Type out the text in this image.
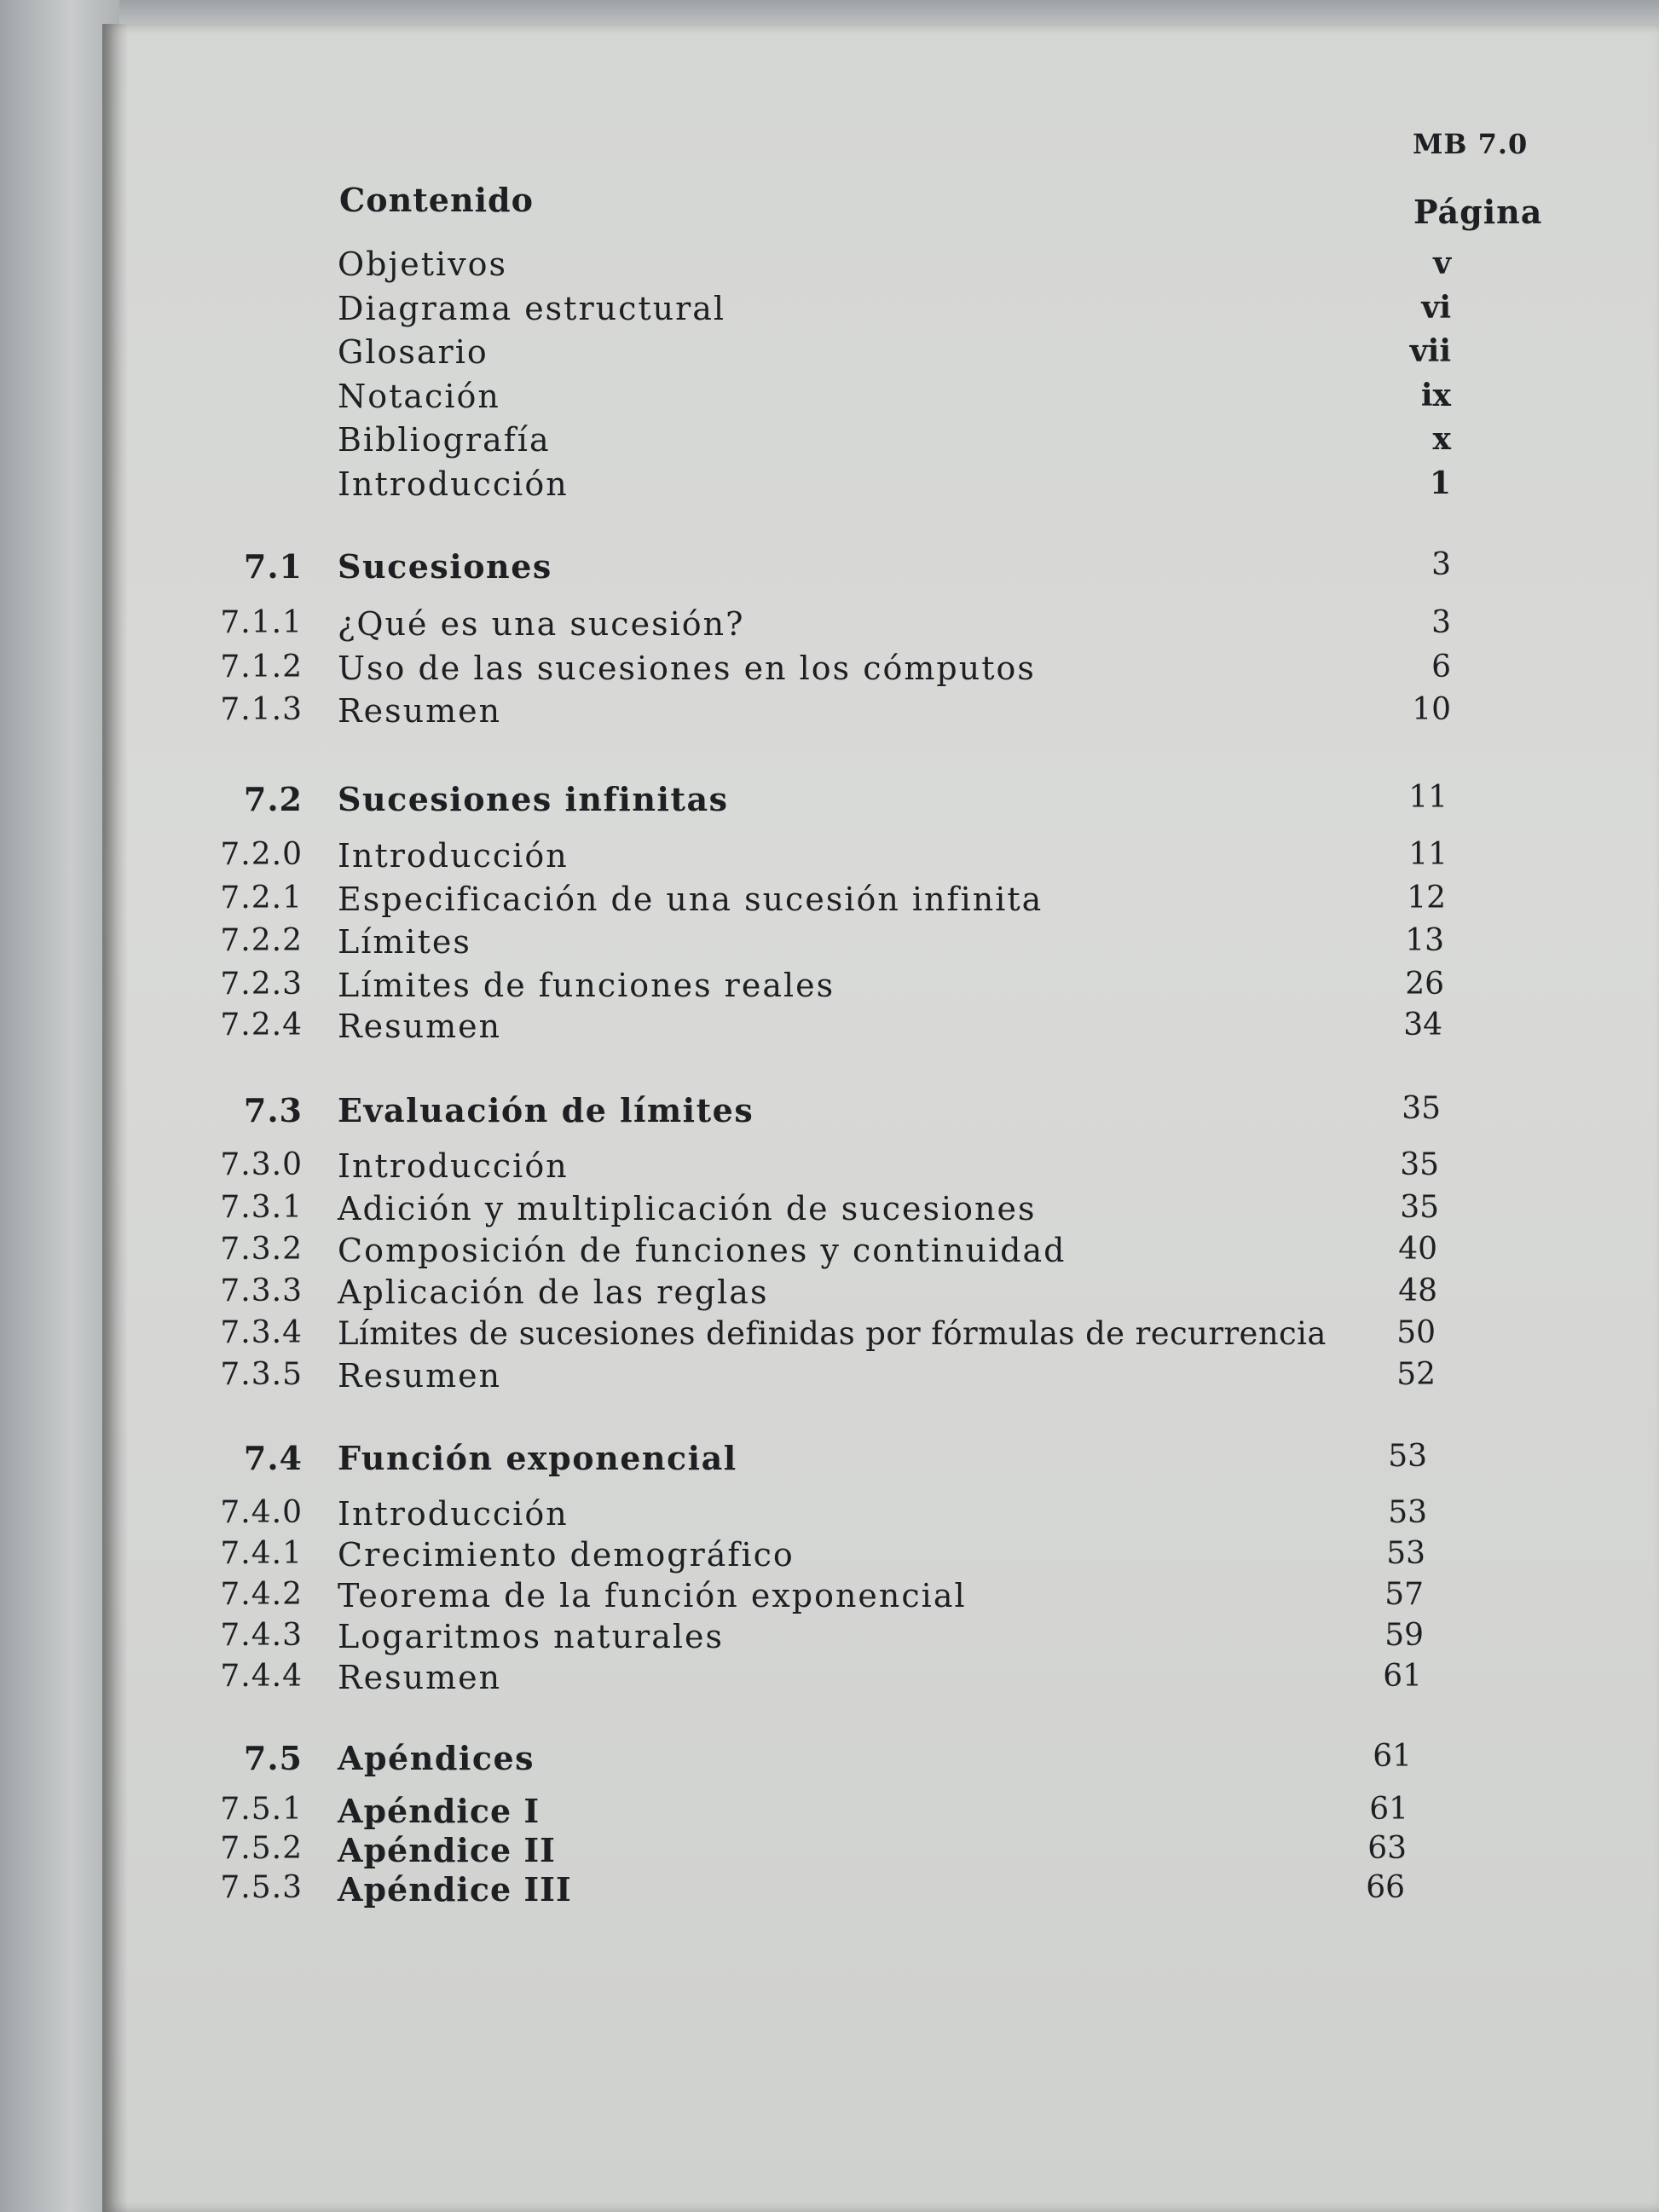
MB 7.0
Contenido	Página
Objetivos	v
Diagrama estructural	vi
Glosario	vii
Notación	ix
Bibliografía	x
Introducción	1
7.1 Sucesiones	3
7.1.1 ¿Qué es una sucesión?	3
7.1.2 Uso de las sucesiones en los cómputos	6
7.1.3 Resumen	10
7.2 Sucesiones infinitas	11
7.2.0 Introducción	11
7.2.1 Especificación de una sucesión infinita	12
7.2.2 Límites	13
7.2.3 Límites de funciones reales	26
7.2.4 Resumen	34
7.3 Evaluación de límites	35
7.3.0 Introducción	35
7.3.1 Adición y multiplicación de sucesiones	35
7.3.2 Composición de funciones y continuidad	40
7.3.3 Aplicación de las reglas	48
7.3.4 Límites de sucesiones definidas por fórmulas de recurrencia	50
7.3.5 Resumen	52
7.4 Función exponencial	53
7.4.0 Introducción	53
7.4.1 Crecimiento demográfico	53
7.4.2 Teorema de la función exponencial	57
7.4.3 Logaritmos naturales	59
7.4.4 Resumen	61
7.5 Apéndices	61
7.5.1 Apéndice I	61
7.5.2 Apéndice II	63
7.5.3 Apéndice III	66
